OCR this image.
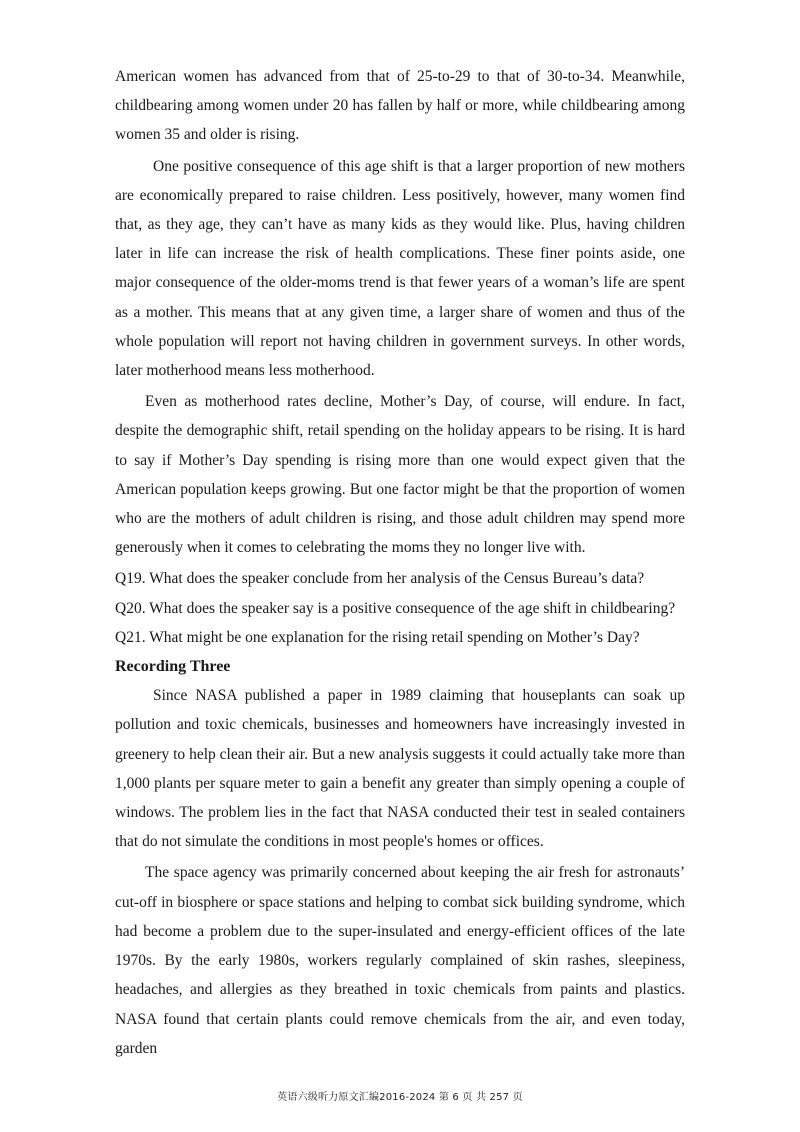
American women has advanced from that of 25-to-29 to that of 30-to-34. Meanwhile, childbearing among women under 20 has fallen by half or more, while childbearing among women 35 and older is rising.

One positive consequence of this age shift is that a larger proportion of new mothers are economically prepared to raise children. Less positively, however, many women find that, as they age, they can’t have as many kids as they would like. Plus, having children later in life can increase the risk of health complications. These finer points aside, one major consequence of the older-moms trend is that fewer years of a woman’s life are spent as a mother. This means that at any given time, a larger share of women and thus of the whole population will report not having children in government surveys. In other words, later motherhood means less motherhood.

Even as motherhood rates decline, Mother’s Day, of course, will endure. In fact, despite the demographic shift, retail spending on the holiday appears to be rising. It is hard to say if Mother’s Day spending is rising more than one would expect given that the American population keeps growing. But one factor might be that the proportion of women who are the mothers of adult children is rising, and those adult children may spend more generously when it comes to celebrating the moms they no longer live with.

Q19. What does the speaker conclude from her analysis of the Census Bureau’s data?

Q20. What does the speaker say is a positive consequence of the age shift in childbearing?

Q21. What might be one explanation for the rising retail spending on Mother’s Day?

Recording Three

Since NASA published a paper in 1989 claiming that houseplants can soak up pollution and toxic chemicals, businesses and homeowners have increasingly invested in greenery to help clean their air. But a new analysis suggests it could actually take more than 1,000 plants per square meter to gain a benefit any greater than simply opening a couple of windows. The problem lies in the fact that NASA conducted their test in sealed containers that do not simulate the conditions in most people's homes or offices.

The space agency was primarily concerned about keeping the air fresh for astronauts’ cut-off in biosphere or space stations and helping to combat sick building syndrome, which had become a problem due to the super-insulated and energy-efficient offices of the late 1970s. By the early 1980s, workers regularly complained of skin rashes, sleepiness, headaches, and allergies as they breathed in toxic chemicals from paints and plastics. NASA found that certain plants could remove chemicals from the air, and even today, garden

英语六级听力原文汇编2016-2024 第 6 页 共 257 页
